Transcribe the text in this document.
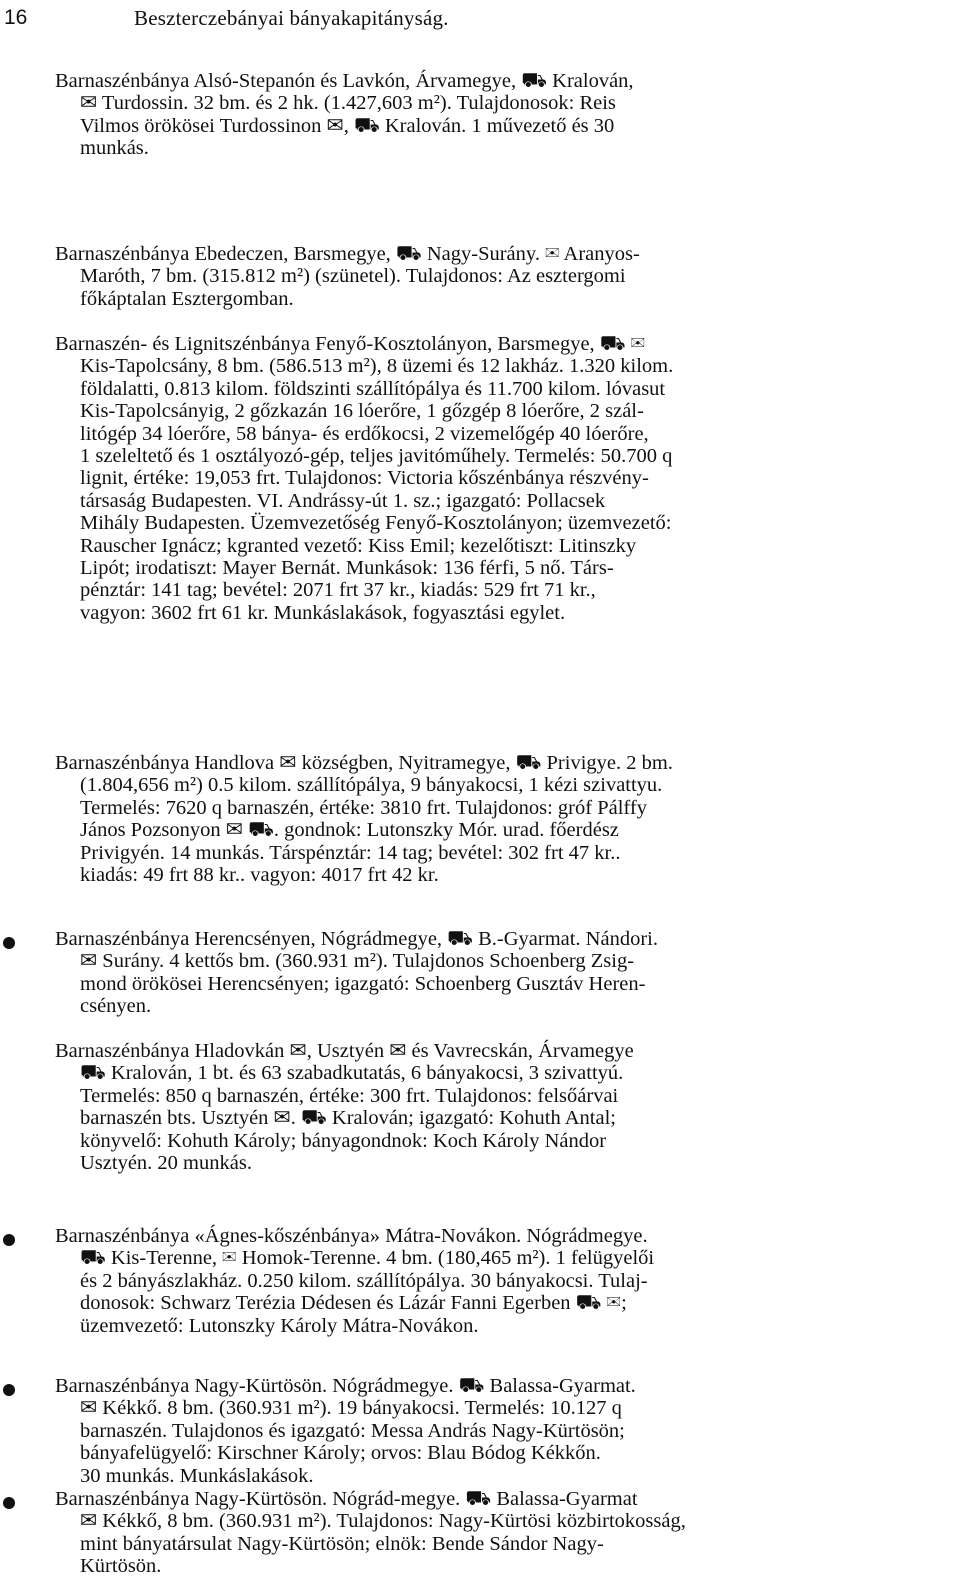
16	Beszterczebányai bányakapitányság.
Barnaszénbánya Alsó-Stepanón és Lavkón, Árvamegye, ⛟ Kralován,
✉ Turdossin. 32 bm. és 2 hk. (1.427,603 m²). Tulajdonosok: Reis
Vilmos örökösei Turdossinon ✉, ⛟ Kralován. 1 művezető és 30
munkás.
Barnaszénbánya Ebedeczen, Barsmegye, ⛟ Nagy-Surány. ✉ Aranyos-
Maróth, 7 bm. (315.812 m²) (szünetel). Tulajdonos: Az esztergomi
főkáptalan Esztergomban.
Barnaszén- és Lignitszénbánya Fenyő-Kosztolányon, Barsmegye, ⛟ ✉
Kis-Tapolcsány, 8 bm. (586.513 m²), 8 üzemi és 12 lakház. 1.320 kilom.
földalatti, 0.813 kilom. földszinti szállítópálya és 11.700 kilom. lóvasut
Kis-Tapolcsányig, 2 gőzkazán 16 lóerőre, 1 gőzgép 8 lóerőre, 2 szál-
litógép 34 lóerőre, 58 bánya- és erdőkocsi, 2 vizemelőgép 40 lóerőre,
1 szeleltető és 1 osztályozó-gép, teljes javitóműhely. Termelés: 50.700 q
lignit, értéke: 19,053 frt. Tulajdonos: Victoria kőszénbánya részvény-
társaság Budapesten. VI. Andrássy-út 1. sz.; igazgató: Pollacsek
Mihály Budapesten. Üzemvezetőség Fenyő-Kosztolányon; üzemvezető:
Rauscher Ignácz; kgranted vezető: Kiss Emil; kezelőtiszt: Litinszky
Lipót; irodatiszt: Mayer Bernát. Munkások: 136 férfi, 5 nő. Társ-
pénztár: 141 tag; bevétel: 2071 frt 37 kr., kiadás: 529 frt 71 kr.,
vagyon: 3602 frt 61 kr. Munkáslakások, fogyasztási egylet.
Barnaszénbánya Handlova ✉ községben, Nyitramegye, ⛟ Privigye. 2 bm.
(1.804,656 m²) 0.5 kilom. szállítópálya, 9 bányakocsi, 1 kézi szivattyu.
Termelés: 7620 q barnaszén, értéke: 3810 frt. Tulajdonos: gróf Pálffy
János Pozsonyon ✉ ⛟. gondnok: Lutonszky Mór. urad. főerdész
Privigyén. 14 munkás. Társpénztár: 14 tag; bevétel: 302 frt 47 kr..
kiadás: 49 frt 88 kr.. vagyon: 4017 frt 42 kr.
Barnaszénbánya Herencsényen, Nógrádmegye, ⛟ B.-Gyarmat. Nándori.
✉ Surány. 4 kettős bm. (360.931 m²). Tulajdonos Schoenberg Zsig-
mond örökösei Herencsényen; igazgató: Schoenberg Gusztáv Heren-
csényen.
Barnaszénbánya Hladovkán ✉, Usztyén ✉ és Vavrecskán, Árvamegye
⛟ Kralován, 1 bt. és 63 szabadkutatás, 6 bányakocsi, 3 szivattyú.
Termelés: 850 q barnaszén, értéke: 300 frt. Tulajdonos: felsőárvai
barnaszén bts. Usztyén ✉. ⛟ Kralován; igazgató: Kohuth Antal;
könyvelő: Kohuth Károly; bányagondnok: Koch Károly Nándor
Usztyén. 20 munkás.
Barnaszénbánya «Ágnes-kőszénbánya» Mátra-Novákon. Nógrádmegye.
⛟ Kis-Terenne, ✉ Homok-Terenne. 4 bm. (180,465 m²). 1 felügyelői
és 2 bányászlakház. 0.250 kilom. szállítópálya. 30 bányakocsi. Tulaj-
donosok: Schwarz Terézia Dédesen és Lázár Fanni Egerben ⛟ ✉;
üzemvezető: Lutonszky Károly Mátra-Novákon.
Barnaszénbánya Nagy-Kürtösön. Nógrádmegye. ⛟ Balassa-Gyarmat.
✉ Kékkő. 8 bm. (360.931 m²). 19 bányakocsi. Termelés: 10.127 q
barnaszén. Tulajdonos és igazgató: Messa András Nagy-Kürtösön;
bányafelügyelő: Kirschner Károly; orvos: Blau Bódog Kékkőn.
30 munkás. Munkáslakások.
Barnaszénbánya Nagy-Kürtösön. Nógrád-megye. ⛟ Balassa-Gyarmat
✉ Kékkő, 8 bm. (360.931 m²). Tulajdonos: Nagy-Kürtösi közbirtokosság,
mint bányatársulat Nagy-Kürtösön; elnök: Bende Sándor Nagy-
Kürtösön.
